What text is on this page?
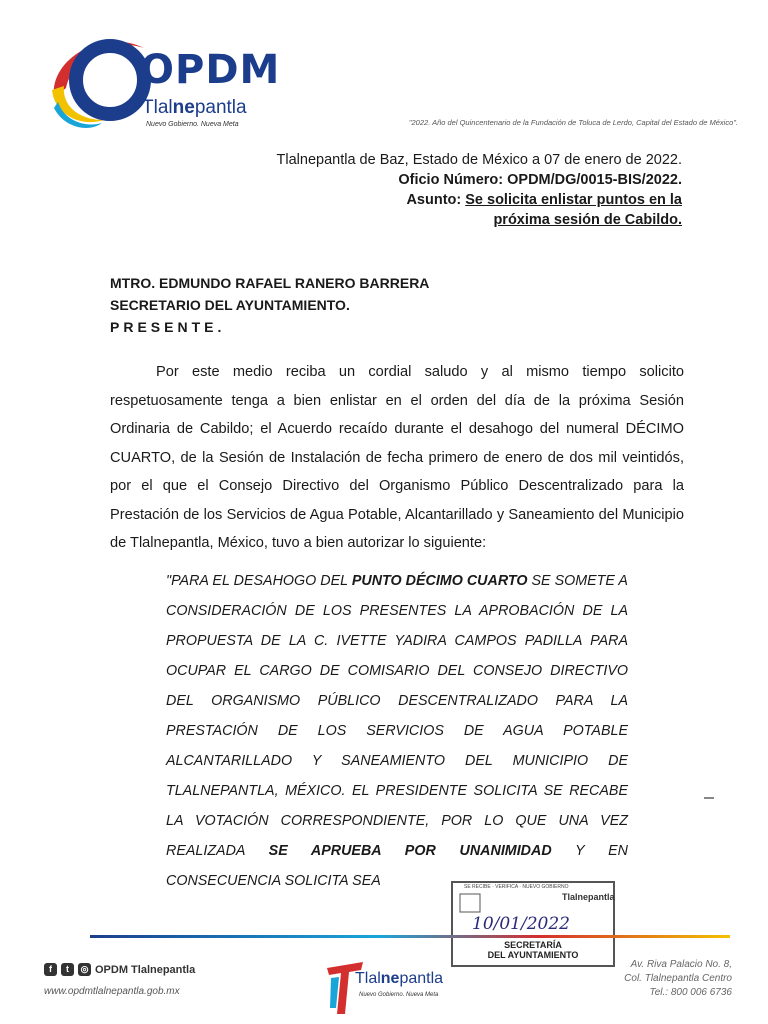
OPDM
Tlalnepantla
Nuevo Gobierno. Nueva Meta	"2022. Año del Quincentenario de la Fundación de Toluca de Lerdo, Capital del Estado de México".
Tlalnepantla de Baz, Estado de México a 07 de enero de 2022.
Oficio Número: OPDM/DG/0015-BIS/2022.
Asunto: Se solicita enlistar puntos en la
próxima sesión de Cabildo.
MTRO. EDMUNDO RAFAEL RANERO BARRERA
SECRETARIO DEL AYUNTAMIENTO.
PRESENTE.

Por este medio reciba un cordial saludo y al mismo tiempo solicito respetuosamente tenga a bien enlistar en el orden del día de la próxima Sesión Ordinaria de Cabildo; el Acuerdo recaído durante el desahogo del numeral DÉCIMO CUARTO, de la Sesión de Instalación de fecha primero de enero de dos mil veintidós, por el que el Consejo Directivo del Organismo Público Descentralizado para la Prestación de los Servicios de Agua Potable, Alcantarillado y Saneamiento del Municipio de Tlalnepantla, México, tuvo a bien autorizar lo siguiente:

"PARA EL DESAHOGO DEL PUNTO DÉCIMO CUARTO SE SOMETE A CONSIDERACIÓN DE LOS PRESENTES LA APROBACIÓN DE LA PROPUESTA DE LA C. IVETTE YADIRA CAMPOS PADILLA PARA OCUPAR EL CARGO DE COMISARIO DEL CONSEJO DIRECTIVO DEL ORGANISMO PÚBLICO DESCENTRALIZADO PARA LA PRESTACIÓN DE LOS SERVICIOS DE AGUA POTABLE ALCANTARILLADO Y SANEAMIENTO DEL MUNICIPIO DE TLALNEPANTLA, MÉXICO. EL PRESIDENTE SOLICITA SE RECABE LA VOTACIÓN CORRESPONDIENTE, POR LO QUE UNA VEZ REALIZADA SE APRUEBA POR UNANIMIDAD Y EN CONSECUENCIA SOLICITA SEA	SE RECIBE · VERIFICA · NUEVO GOBIERNO
Tlalnepantla
10/01/2022
SECRETARÍA
DEL AYUNTAMIENTO
f	t	◎ OPDM Tlalnepantla
www.opdmtlalnepantla.gob.mx
Tlalnepantla
Nuevo Gobierno. Nueva Meta
Av. Riva Palacio No. 8,
Col. Tlalnepantla Centro
Tel.: 800 006 6736
